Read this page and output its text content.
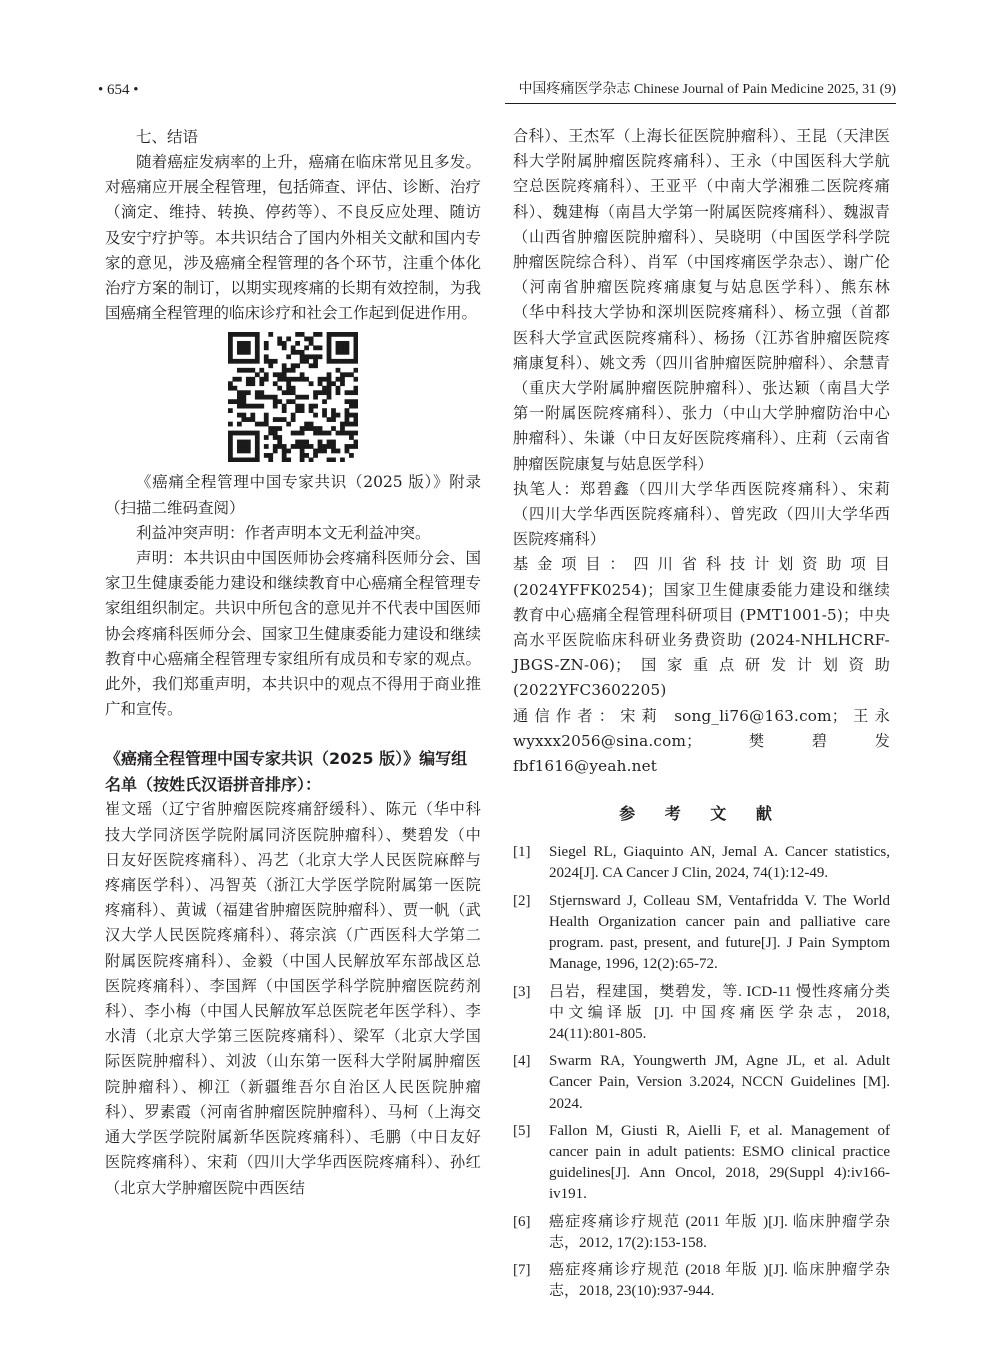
• 654 •	中国疼痛医学杂志 Chinese Journal of Pain Medicine 2025, 31 (9)

七、结语

随着癌症发病率的上升，癌痛在临床常见且多发。对癌痛应开展全程管理，包括筛查、评估、诊断、治疗（滴定、维持、转换、停药等）、不良反应处理、随访及安宁疗护等。本共识结合了国内外相关文献和国内专家的意见，涉及癌痛全程管理的各个环节，注重个体化治疗方案的制订，以期实现疼痛的长期有效控制，为我国癌痛全程管理的临床诊疗和社会工作起到促进作用。

《癌痛全程管理中国专家共识（2025 版）》附录（扫描二维码查阅）

利益冲突声明：作者声明本文无利益冲突。

声明：本共识由中国医师协会疼痛科医师分会、国家卫生健康委能力建设和继续教育中心癌痛全程管理专家组组织制定。共识中所包含的意见并不代表中国医师协会疼痛科医师分会、国家卫生健康委能力建设和继续教育中心癌痛全程管理专家组所有成员和专家的观点。此外，我们郑重声明，本共识中的观点不得用于商业推广和宣传。

《癌痛全程管理中国专家共识（2025 版）》编写组名单（按姓氏汉语拼音排序）：

崔文瑶（辽宁省肿瘤医院疼痛舒缓科）、陈元（华中科技大学同济医学院附属同济医院肿瘤科）、樊碧发（中日友好医院疼痛科）、冯艺（北京大学人民医院麻醉与疼痛医学科）、冯智英（浙江大学医学院附属第一医院疼痛科）、黄诚（福建省肿瘤医院肿瘤科）、贾一帆（武汉大学人民医院疼痛科）、蒋宗滨（广西医科大学第二附属医院疼痛科）、金毅（中国人民解放军东部战区总医院疼痛科）、李国辉（中国医学科学院肿瘤医院药剂科）、李小梅（中国人民解放军总医院老年医学科）、李水清（北京大学第三医院疼痛科）、梁军（北京大学国际医院肿瘤科）、刘波（山东第一医科大学附属肿瘤医院肿瘤科）、柳江（新疆维吾尔自治区人民医院肿瘤科）、罗素霞（河南省肿瘤医院肿瘤科）、马柯（上海交通大学医学院附属新华医院疼痛科）、毛鹏（中日友好医院疼痛科）、宋莉（四川大学华西医院疼痛科）、孙红（北京大学肿瘤医院中西医结

合科）、王杰军（上海长征医院肿瘤科）、王昆（天津医科大学附属肿瘤医院疼痛科）、王永（中国医科大学航空总医院疼痛科）、王亚平（中南大学湘雅二医院疼痛科）、魏建梅（南昌大学第一附属医院疼痛科）、魏淑青（山西省肿瘤医院肿瘤科）、吴晓明（中国医学科学院肿瘤医院综合科）、肖军（中国疼痛医学杂志）、谢广伦（河南省肿瘤医院疼痛康复与姑息医学科）、熊东林（华中科技大学协和深圳医院疼痛科）、杨立强（首都医科大学宣武医院疼痛科）、杨扬（江苏省肿瘤医院疼痛康复科）、姚文秀（四川省肿瘤医院肿瘤科）、余慧青（重庆大学附属肿瘤医院肿瘤科）、张达颖（南昌大学第一附属医院疼痛科）、张力（中山大学肿瘤防治中心肿瘤科）、朱谦（中日友好医院疼痛科）、庄莉（云南省肿瘤医院康复与姑息医学科）

执笔人：郑碧鑫（四川大学华西医院疼痛科）、宋莉（四川大学华西医院疼痛科）、曾宪政（四川大学华西医院疼痛科）

基金项目：四川省科技计划资助项目 (2024YFFK0254)；国家卫生健康委能力建设和继续教育中心癌痛全程管理科研项目 (PMT1001-5)；中央高水平医院临床科研业务费资助 (2024-NHLHCRF-JBGS-ZN-06)；国家重点研发计划资助 (2022YFC3602205)

通信作者：宋莉 song_li76@163.com；王永 wyxxx2056@sina.com；樊碧发 fbf1616@yeah.net

参 考 文 献
[1]	Siegel RL, Giaquinto AN, Jemal A. Cancer statistics, 2024[J]. CA Cancer J Clin, 2024, 74(1):12-49.
[2]	Stjernsward J, Colleau SM, Ventafridda V. The World Health Organization cancer pain and palliative care program. past, present, and future[J]. J Pain Symptom Manage, 1996, 12(2):65-72.
[3]	吕岩，程建国，樊碧发，等. ICD-11 慢性疼痛分类中文编译版 [J]. 中国疼痛医学杂志，2018, 24(11):801-805.
[4]	Swarm RA, Youngwerth JM, Agne JL, et al. Adult Cancer Pain, Version 3.2024, NCCN Guidelines [M]. 2024.
[5]	Fallon M, Giusti R, Aielli F, et al. Management of cancer pain in adult patients: ESMO clinical practice guidelines[J]. Ann Oncol, 2018, 29(Suppl 4):iv166-iv191.
[6]	癌症疼痛诊疗规范 (2011 年版 )[J]. 临床肿瘤学杂志，2012, 17(2):153-158.
[7]	癌症疼痛诊疗规范 (2018 年版 )[J]. 临床肿瘤学杂志，2018, 23(10):937-944.
